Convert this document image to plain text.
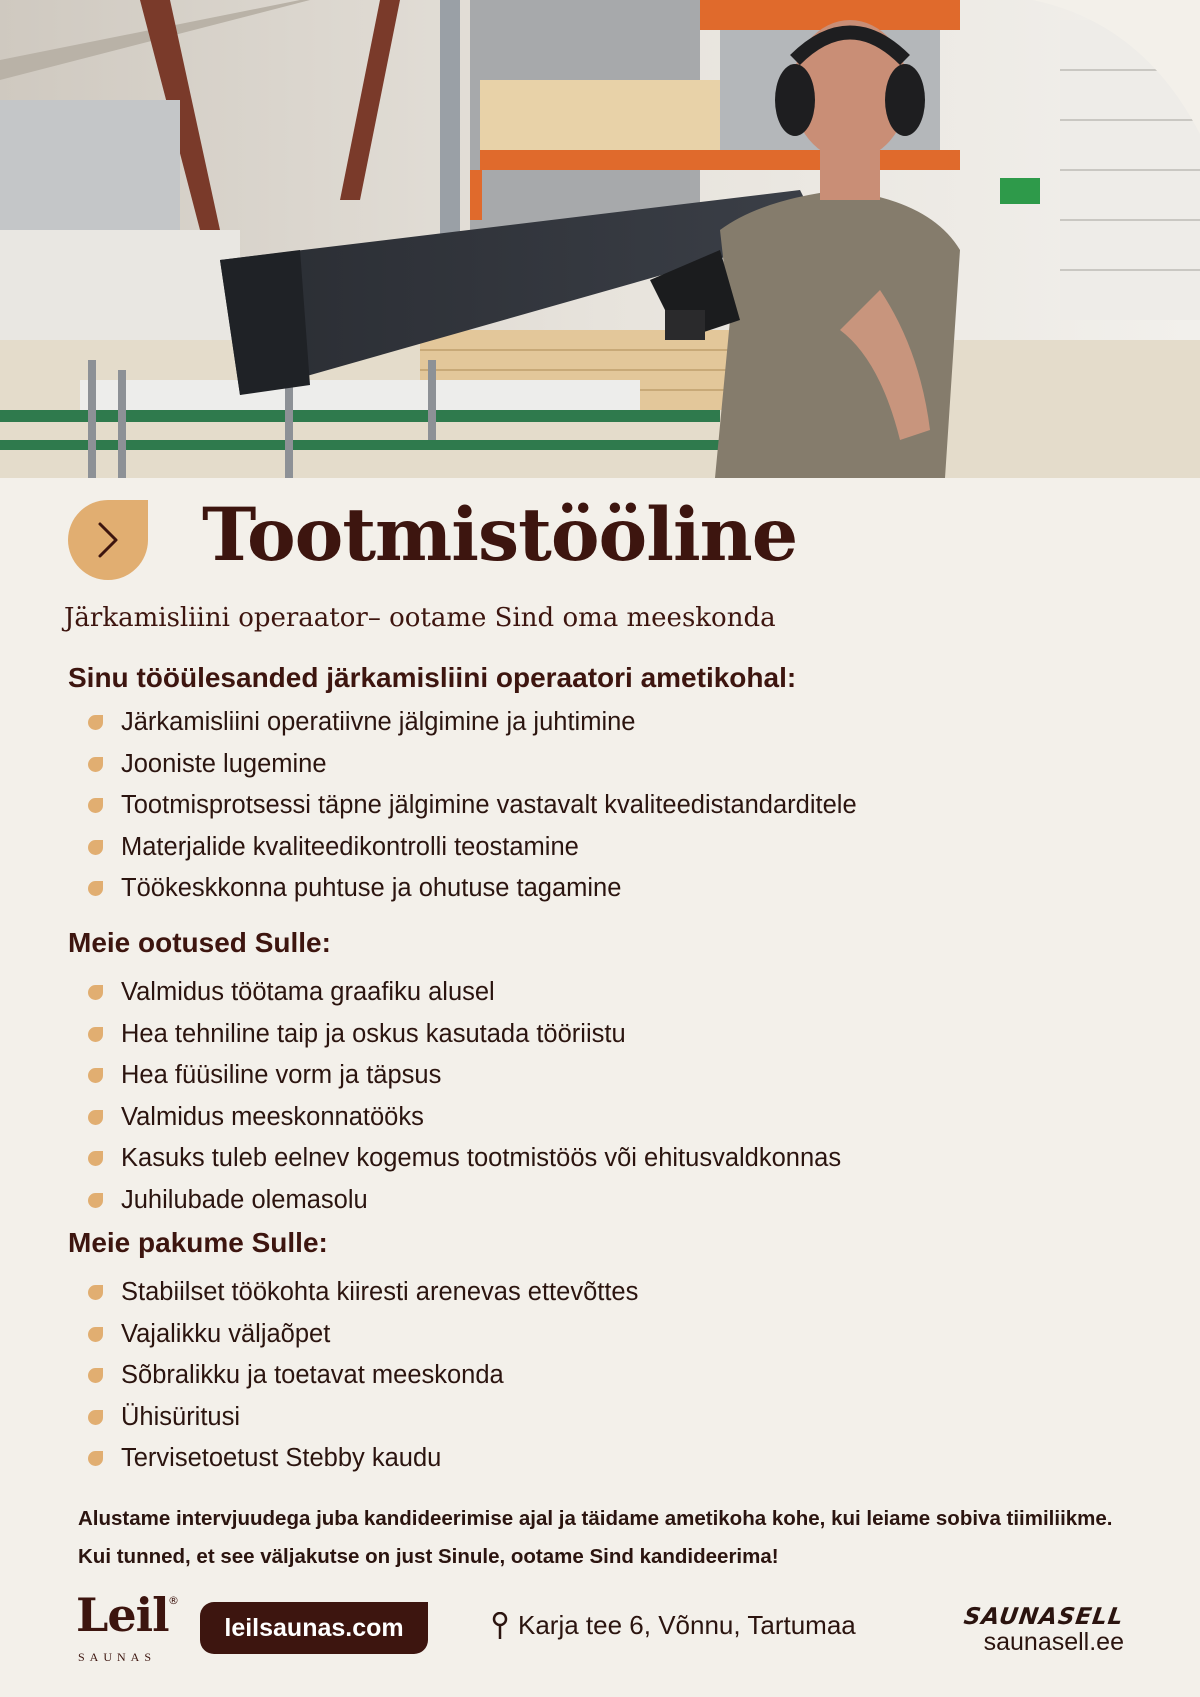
Tootmistööline
Järkamisliini operaator– ootame Sind oma meeskonda
Sinu tööülesanded järkamisliini operaatori ametikohal:
Järkamisliini operatiivne jälgimine ja juhtimine
Jooniste lugemine
Tootmisprotsessi täpne jälgimine vastavalt kvaliteedistandarditele
Materjalide kvaliteedikontrolli teostamine
Töökeskkonna puhtuse ja ohutuse tagamine
Meie ootused Sulle:
Valmidus töötama graafiku alusel
Hea tehniline taip ja oskus kasutada tööriistu
Hea füüsiline vorm ja täpsus
Valmidus meeskonnatööks
Kasuks tuleb eelnev kogemus tootmistöös või ehitusvaldkonnas
Juhilubade olemasolu
Meie pakume Sulle:
Stabiilset töökohta kiiresti arenevas ettevõttes
Vajalikku väljaõpet
Sõbralikku ja toetavat meeskonda
Ühisüritusi
Tervisetoetust Stebby kaudu
Alustame intervjuudega juba kandideerimise ajal ja täidame ametikoha kohe, kui leiame sobiva tiimiliikme.
Kui tunned, et see väljakutse on just Sinule, ootame Sind kandideerima!
Leil ®
SAUNAS
leilsaunas.com	Karja tee 6, Võnnu, Tartumaa	SAUNASELL
saunasell.ee
